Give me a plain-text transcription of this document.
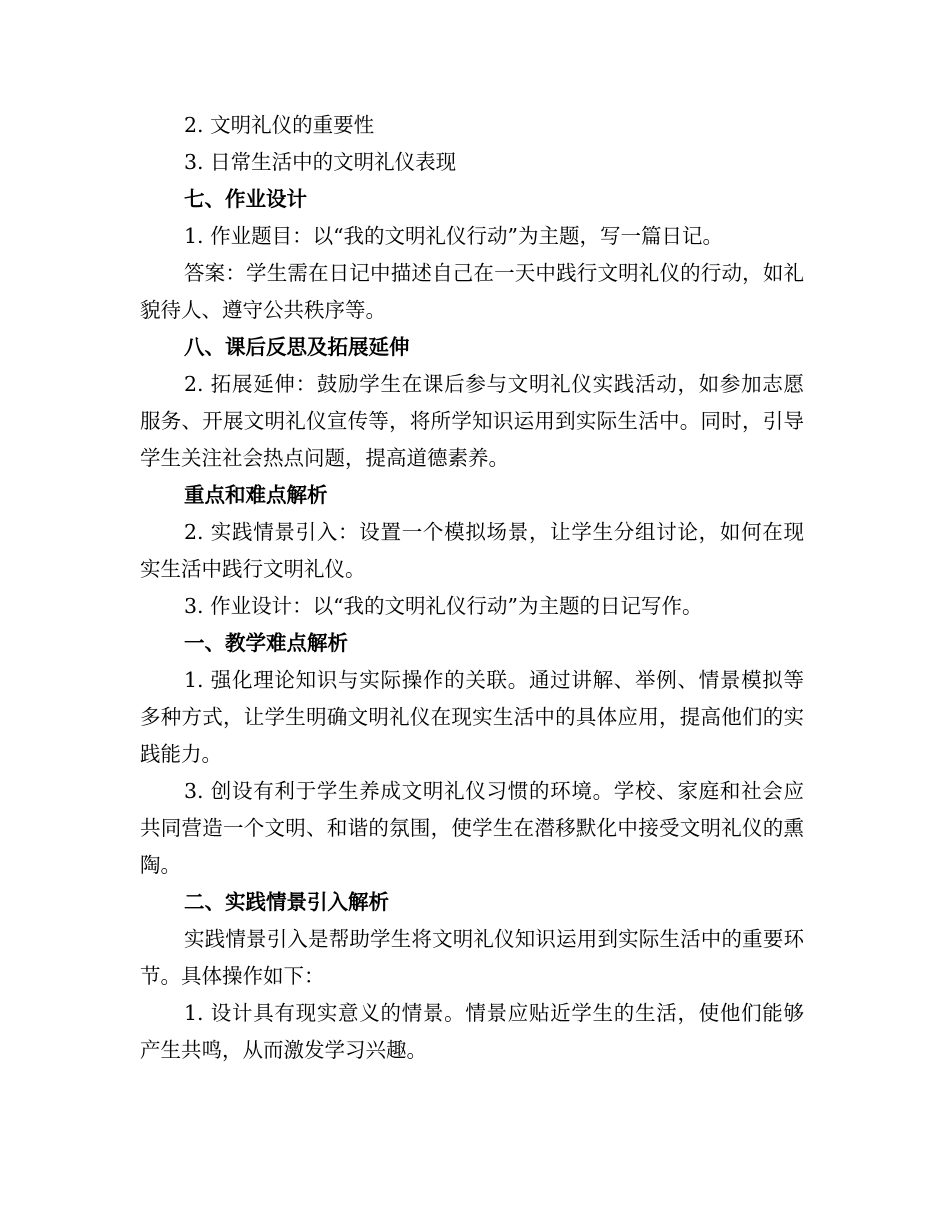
2. 文明礼仪的重要性

3. 日常生活中的文明礼仪表现

七、作业设计

1. 作业题目：以“我的文明礼仪行动”为主题，写一篇日记。

答案：学生需在日记中描述自己在一天中践行文明礼仪的行动，如礼貌待人、遵守公共秩序等。

八、课后反思及拓展延伸

2. 拓展延伸：鼓励学生在课后参与文明礼仪实践活动，如参加志愿服务、开展文明礼仪宣传等，将所学知识运用到实际生活中。同时，引导学生关注社会热点问题，提高道德素养。

重点和难点解析

2. 实践情景引入：设置一个模拟场景，让学生分组讨论，如何在现实生活中践行文明礼仪。

3. 作业设计：以“我的文明礼仪行动”为主题的日记写作。

一、教学难点解析

1. 强化理论知识与实际操作的关联。通过讲解、举例、情景模拟等多种方式，让学生明确文明礼仪在现实生活中的具体应用，提高他们的实践能力。

3. 创设有利于学生养成文明礼仪习惯的环境。学校、家庭和社会应共同营造一个文明、和谐的氛围，使学生在潜移默化中接受文明礼仪的熏陶。

二、实践情景引入解析

实践情景引入是帮助学生将文明礼仪知识运用到实际生活中的重要环节。具体操作如下：

1. 设计具有现实意义的情景。情景应贴近学生的生活，使他们能够产生共鸣，从而激发学习兴趣。
